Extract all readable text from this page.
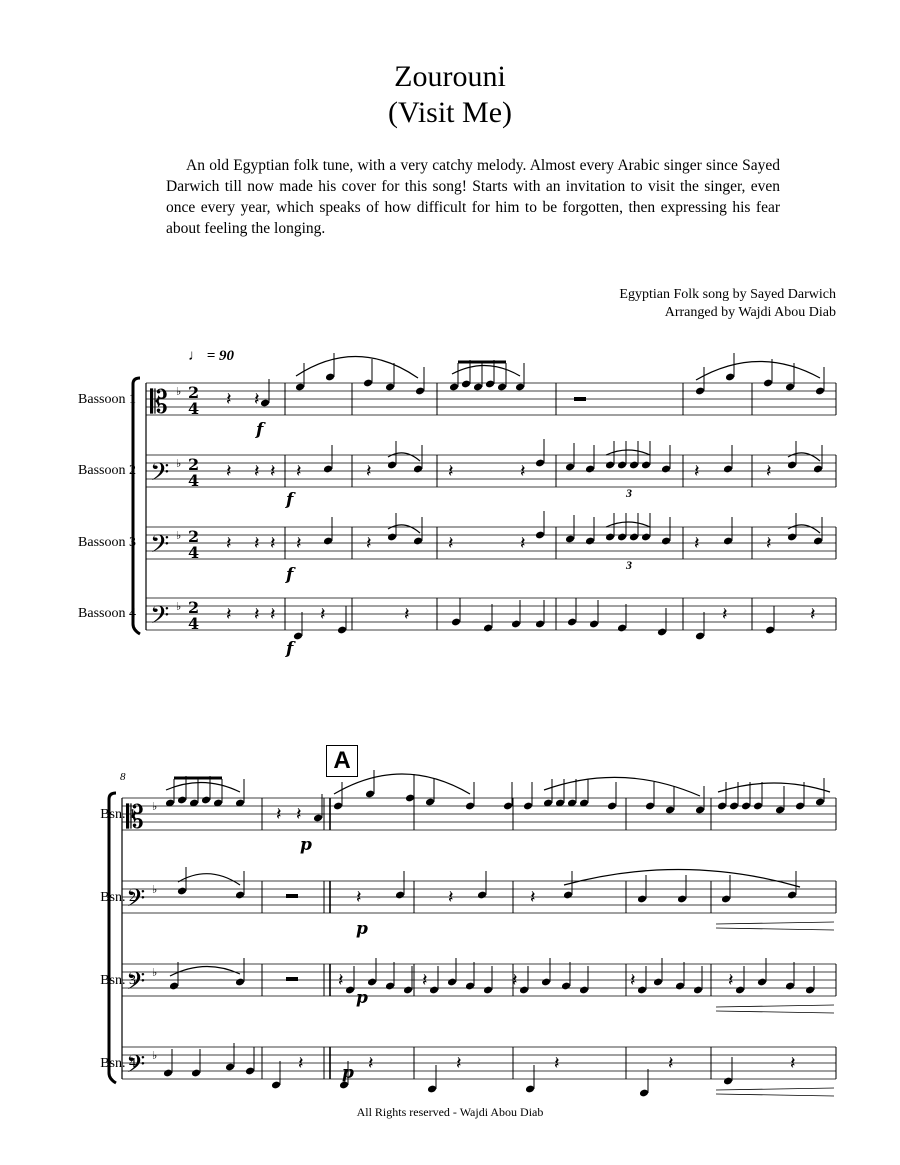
Zourouni
(Visit Me)
An old Egyptian folk tune, with a very catchy melody. Almost every Arabic singer since Sayed Darwich till now made his cover for this song! Starts with an invitation to visit the singer, even once every year, which speaks of how difficult for him to be forgotten, then expressing his fear about feeling the longing.
Egyptian Folk song by Sayed Darwich
Arranged by Wajdi Abou Diab
♩ = 90
Bassoon 1
Bassoon 2
Bassoon 3
Bassoon 4
Bsn. 1
Bsn. 2
Bsn. 3
Bsn. 4
8
A
𝄡 ♭ 2
4
𝄢 ♭ 2
4
𝄢 ♭ 2
4
𝄢 ♭ 2
4
𝄽 𝄽
𝄽 𝄽 𝄽
𝄽 𝄽 𝄽
𝄽 𝄽 𝄽
𝄽	𝄽	𝄽	𝄽	𝄽	𝄽
𝄽	𝄽	𝄽	𝄽	𝄽	𝄽
𝄽	𝄽	𝄽	𝄽
f
f
f
f
3
3
𝄡 ♭
𝄢 ♭
𝄢 ♭
𝄢 ♭
𝄽 𝄽
𝄽	𝄽	𝄽
𝄽	𝄽	𝄽	𝄽	𝄽
𝄽	𝄽	𝄽	𝄽	𝄽	𝄽
p
p
p
p
All Rights reserved - Wajdi Abou Diab
